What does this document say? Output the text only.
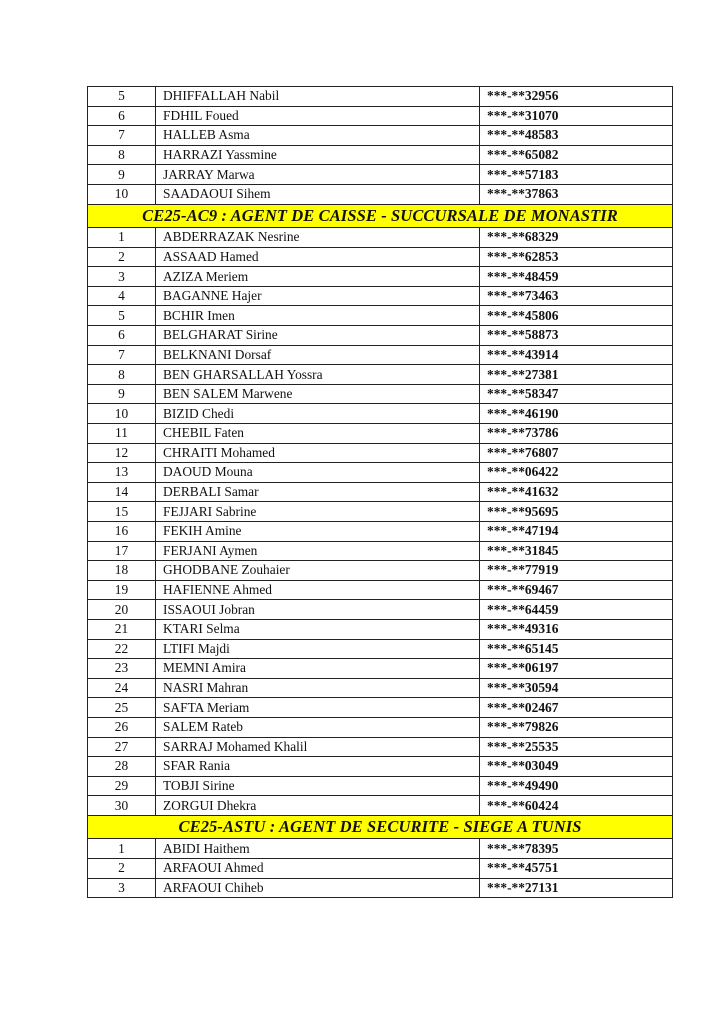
5	DHIFFALLAH Nabil	***-**32956
6	FDHIL Foued	***-**31070
7	HALLEB Asma	***-**48583
8	HARRAZI Yassmine	***-**65082
9	JARRAY Marwa	***-**57183
10	SAADAOUI Sihem	***-**37863
CE25-AC9 : AGENT DE CAISSE - SUCCURSALE DE MONASTIR		
1	ABDERRAZAK Nesrine	***-**68329
2	ASSAAD Hamed	***-**62853
3	AZIZA Meriem	***-**48459
4	BAGANNE Hajer	***-**73463
5	BCHIR Imen	***-**45806
6	BELGHARAT Sirine	***-**58873
7	BELKNANI Dorsaf	***-**43914
8	BEN GHARSALLAH Yossra	***-**27381
9	BEN SALEM Marwene	***-**58347
10	BIZID Chedi	***-**46190
11	CHEBIL Faten	***-**73786
12	CHRAITI Mohamed	***-**76807
13	DAOUD Mouna	***-**06422
14	DERBALI Samar	***-**41632
15	FEJJARI Sabrine	***-**95695
16	FEKIH Amine	***-**47194
17	FERJANI Aymen	***-**31845
18	GHODBANE Zouhaier	***-**77919
19	HAFIENNE Ahmed	***-**69467
20	ISSAOUI Jobran	***-**64459
21	KTARI Selma	***-**49316
22	LTIFI Majdi	***-**65145
23	MEMNI Amira	***-**06197
24	NASRI Mahran	***-**30594
25	SAFTA Meriam	***-**02467
26	SALEM Rateb	***-**79826
27	SARRAJ Mohamed Khalil	***-**25535
28	SFAR Rania	***-**03049
29	TOBJI Sirine	***-**49490
30	ZORGUI Dhekra	***-**60424
CE25-ASTU : AGENT DE SECURITE - SIEGE A TUNIS		
1	ABIDI Haithem	***-**78395
2	ARFAOUI Ahmed	***-**45751
3	ARFAOUI Chiheb	***-**27131
